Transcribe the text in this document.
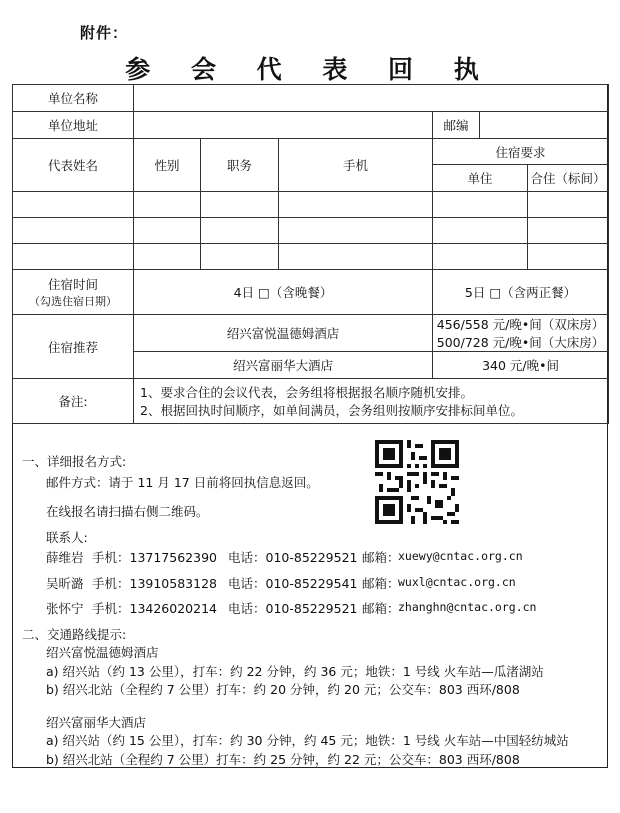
附件：
参 会 代 表 回 执
单位名称						
单位地址				邮编		
代表姓名	性别	职务	手机	住宿要求		
				单住		合住（标间）

住宿时间
（勾选住宿日期）	4日 □（含晚餐）			5日 □（含两正餐）		
住宿推荐	绍兴富悦温德姆酒店			456/558 元/晚•间（双床房）
500/728 元/晚•间（大床房）		

	绍兴富丽华大酒店			340 元/晚•间		
备注:	1、要求合住的会议代表，会务组将根据报名顺序随机安排。
2、根据回执时间顺序，如单间满员，会务组则按顺序安排标间单位。					
一、详细报名方式:
邮件方式：请于 11 月 17 日前将回执信息返回。
在线报名请扫描右侧二维码。
联系人:
薛维岩 手机：13717562390 电话：010-85229521 邮箱：
xuewy@cntac.org.cn
吴昕潞 手机：13910583128 电话：010-85229541 邮箱：
wuxl@cntac.org.cn
张怀宁 手机：13426020214 电话：010-85229521 邮箱：
zhanghn@cntac.org.cn
二、交通路线提示:
绍兴富悦温德姆酒店
a) 绍兴站（约 13 公里），打车：约 22 分钟，约 36 元；地铁：1 号线 火车站—瓜渚湖站
b) 绍兴北站（全程约 7 公里）打车：约 20 分钟，约 20 元；公交车：803 西环/808
绍兴富丽华大酒店
a) 绍兴站（约 15 公里），打车：约 30 分钟，约 45 元；地铁：1 号线 火车站—中国轻纺城站
b) 绍兴北站（全程约 7 公里）打车：约 25 分钟，约 22 元；公交车：803 西环/808
